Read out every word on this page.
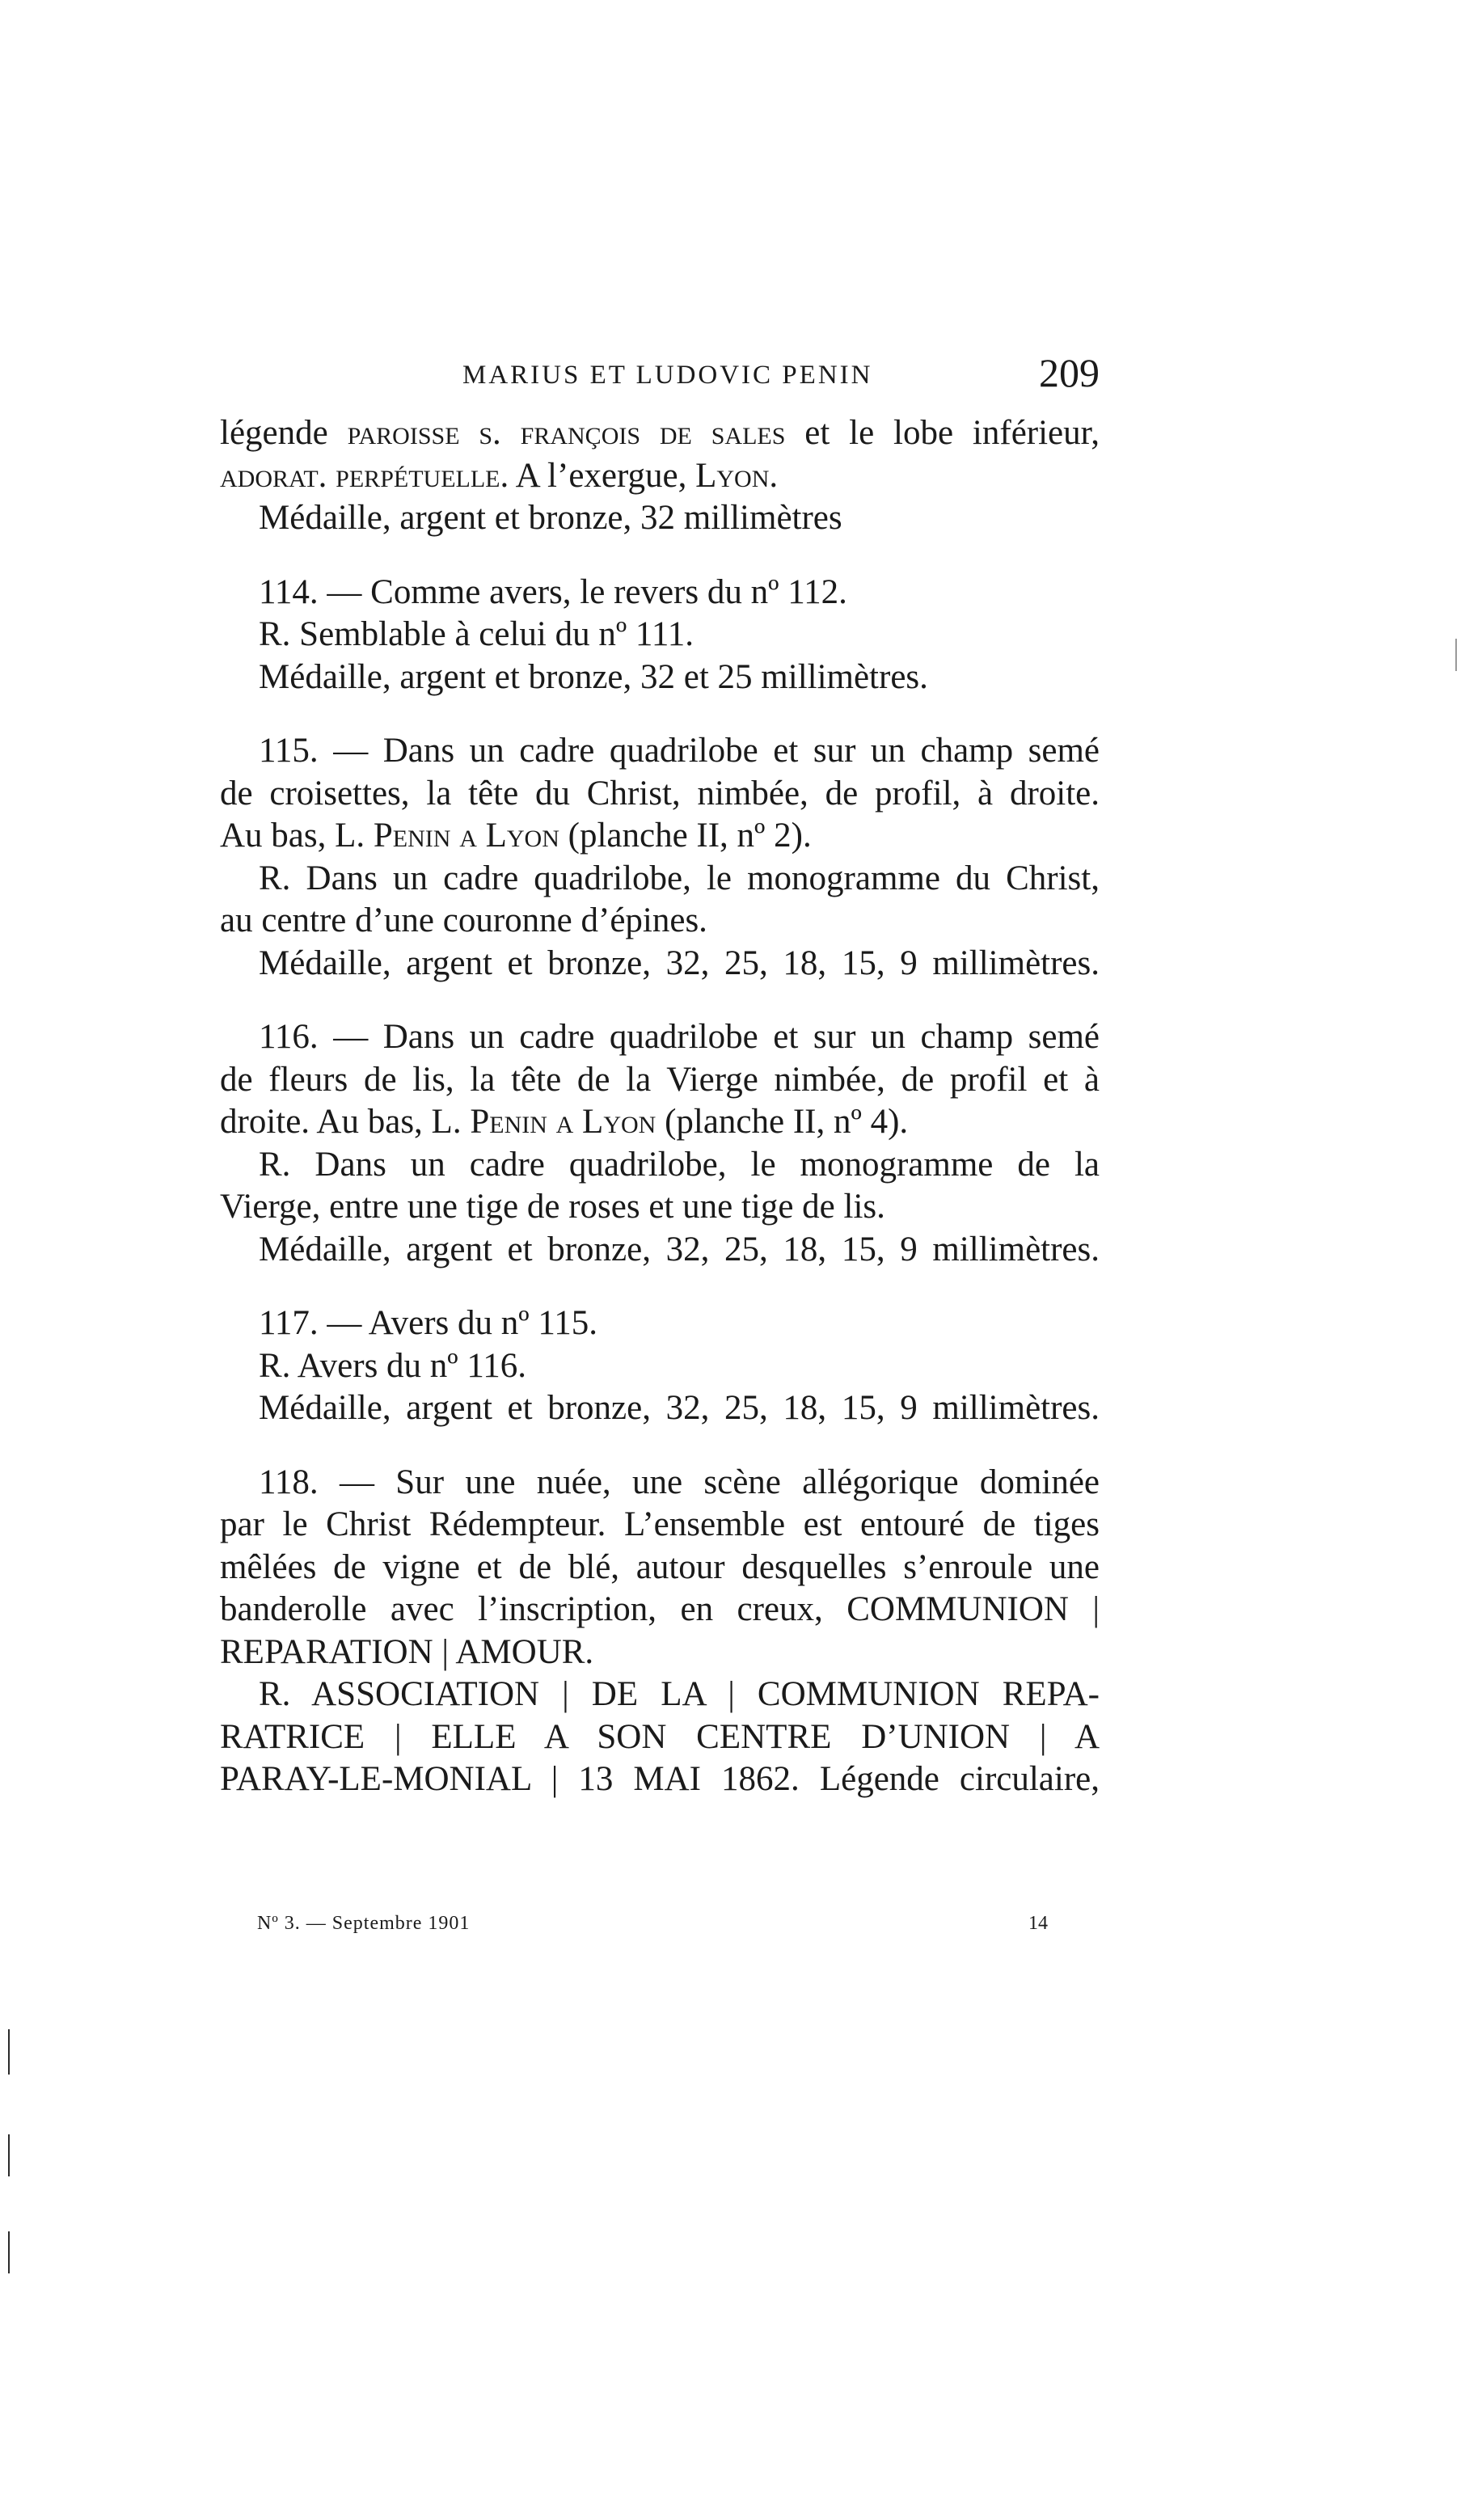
MARIUS ET LUDOVIC PENIN	209
légende paroisse s. françois de sales et le lobe inférieur,
adorat. perpétuelle. A l’exergue, Lyon.
Médaille, argent et bronze, 32 millimètres
114. — Comme avers, le revers du nº 112.
R. Semblable à celui du nº 111.
Médaille, argent et bronze, 32 et 25 millimètres.
115. — Dans un cadre quadrilobe et sur un champ semé
de croisettes, la tête du Christ, nimbée, de profil, à droite.
Au bas, L. Penin a Lyon (planche II, nº 2).
R. Dans un cadre quadrilobe, le monogramme du Christ,
au centre d’une couronne d’épines.
Médaille, argent et bronze, 32, 25, 18, 15, 9 millimètres.
116. — Dans un cadre quadrilobe et sur un champ semé
de fleurs de lis, la tête de la Vierge nimbée, de profil et à
droite. Au bas, L. Penin a Lyon (planche II, nº 4).
R. Dans un cadre quadrilobe, le monogramme de la
Vierge, entre une tige de roses et une tige de lis.
Médaille, argent et bronze, 32, 25, 18, 15, 9 millimètres.
117. — Avers du nº 115.
R. Avers du nº 116.
Médaille, argent et bronze, 32, 25, 18, 15, 9 millimètres.
118. — Sur une nuée, une scène allégorique dominée
par le Christ Rédempteur. L’ensemble est entouré de tiges
mêlées de vigne et de blé, autour desquelles s’enroule une
banderolle avec l’inscription, en creux, COMMUNION |
REPARATION | AMOUR.
R. ASSOCIATION | DE LA | COMMUNION REPA-
RATRICE | ELLE A SON CENTRE D’UNION | A
PARAY-LE-MONIAL | 13 MAI 1862. Légende circulaire,
Nº 3. — Septembre 1901	14
